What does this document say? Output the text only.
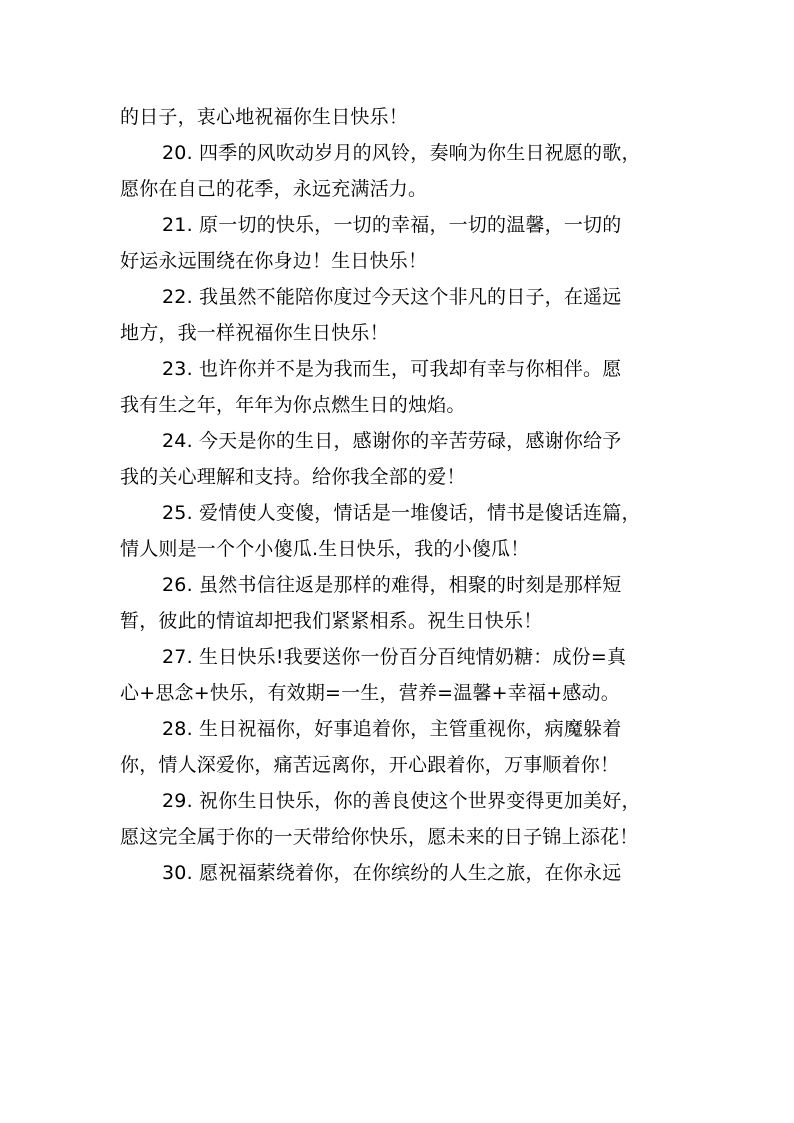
的日子，衷心地祝福你生日快乐！
20. 四季的风吹动岁月的风铃，奏响为你生日祝愿的歌，
愿你在自己的花季，永远充满活力。
21. 原一切的快乐，一切的幸福，一切的温馨，一切的
好运永远围绕在你身边！生日快乐！
22. 我虽然不能陪你度过今天这个非凡的日子，在遥远
地方，我一样祝福你生日快乐！
23. 也许你并不是为我而生，可我却有幸与你相伴。愿
我有生之年，年年为你点燃生日的烛焰。
24. 今天是你的生日，感谢你的辛苦劳碌，感谢你给予
我的关心理解和支持。给你我全部的爱！
25. 爱情使人变傻，情话是一堆傻话，情书是傻话连篇，
情人则是一个个小傻瓜.生日快乐，我的小傻瓜！
26. 虽然书信往返是那样的难得，相聚的时刻是那样短
暂，彼此的情谊却把我们紧紧相系。祝生日快乐！
27. 生日快乐!我要送你一份百分百纯情奶糖：成份=真
心+思念+快乐，有效期=一生，营养=温馨+幸福+感动。
28. 生日祝福你，好事追着你，主管重视你，病魔躲着
你，情人深爱你，痛苦远离你，开心跟着你，万事顺着你！
29. 祝你生日快乐，你的善良使这个世界变得更加美好，
愿这完全属于你的一天带给你快乐，愿未来的日子锦上添花！
30. 愿祝福萦绕着你，在你缤纷的人生之旅，在你永远
